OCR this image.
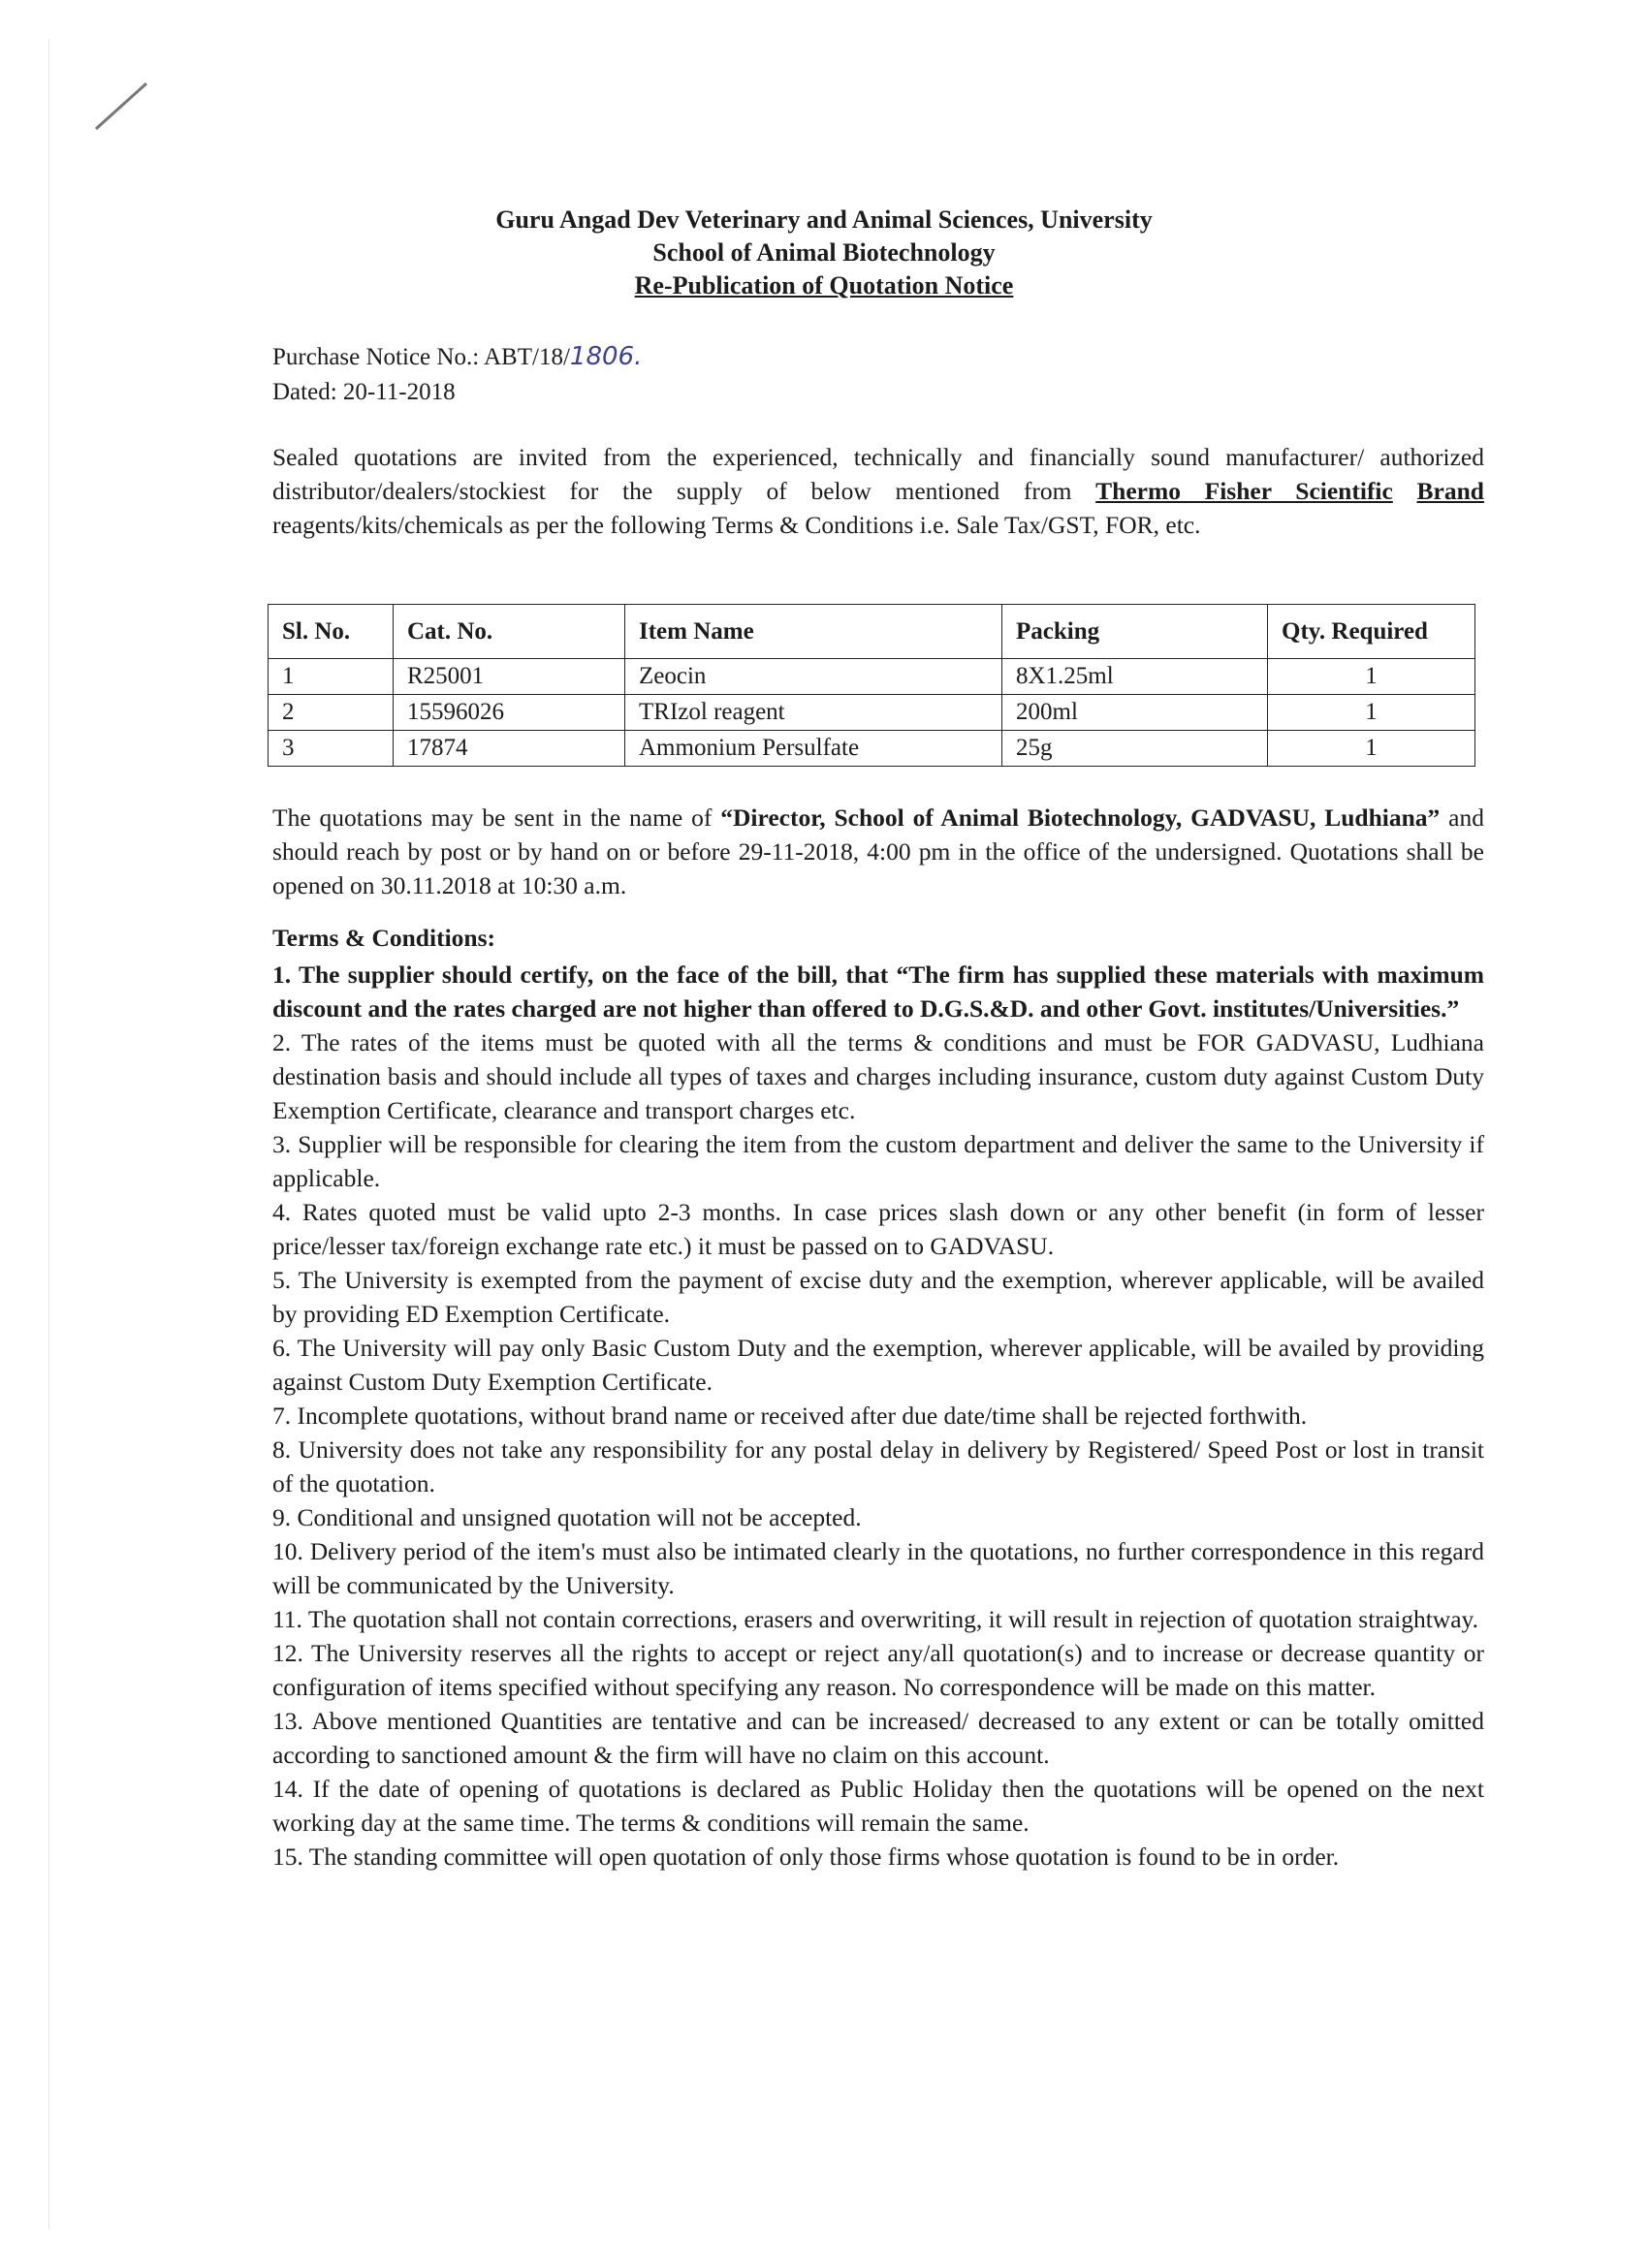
Guru Angad Dev Veterinary and Animal Sciences, University
School of Animal Biotechnology
Re-Publication of Quotation Notice
Purchase Notice No.: ABT/18/1806.
Dated: 20-11-2018
Sealed quotations are invited from the experienced, technically and financially sound manufacturer/ authorized distributor/dealers/stockiest for the supply of below mentioned from Thermo Fisher Scientific Brand reagents/kits/chemicals as per the following Terms & Conditions i.e. Sale Tax/GST, FOR, etc.
Sl. No.	Cat. No.	Item Name	Packing	Qty. Required
1	R25001	Zeocin	8X1.25ml	1
2	15596026	TRIzol reagent	200ml	1
3	17874	Ammonium Persulfate	25g	1
The quotations may be sent in the name of “Director, School of Animal Biotechnology, GADVASU, Ludhiana” and should reach by post or by hand on or before 29-11-2018, 4:00 pm in the office of the undersigned. Quotations shall be opened on 30.11.2018 at 10:30 a.m.
Terms & Conditions:
1. The supplier should certify, on the face of the bill, that “The firm has supplied these materials with maximum discount and the rates charged are not higher than offered to D.G.S.&D. and other Govt. institutes/Universities.”
2. The rates of the items must be quoted with all the terms & conditions and must be FOR GADVASU, Ludhiana destination basis and should include all types of taxes and charges including insurance, custom duty against Custom Duty Exemption Certificate, clearance and transport charges etc.
3. Supplier will be responsible for clearing the item from the custom department and deliver the same to the University if applicable.
4. Rates quoted must be valid upto 2-3 months. In case prices slash down or any other benefit (in form of lesser price/lesser tax/foreign exchange rate etc.) it must be passed on to GADVASU.
5. The University is exempted from the payment of excise duty and the exemption, wherever applicable, will be availed by providing ED Exemption Certificate.
6. The University will pay only Basic Custom Duty and the exemption, wherever applicable, will be availed by providing against Custom Duty Exemption Certificate.
7. Incomplete quotations, without brand name or received after due date/time shall be rejected forthwith.
8. University does not take any responsibility for any postal delay in delivery by Registered/ Speed Post or lost in transit of the quotation.
9. Conditional and unsigned quotation will not be accepted.
10. Delivery period of the item's must also be intimated clearly in the quotations, no further correspondence in this regard will be communicated by the University.
11. The quotation shall not contain corrections, erasers and overwriting, it will result in rejection of quotation straightway.
12. The University reserves all the rights to accept or reject any/all quotation(s) and to increase or decrease quantity or configuration of items specified without specifying any reason. No correspondence will be made on this matter.
13. Above mentioned Quantities are tentative and can be increased/ decreased to any extent or can be totally omitted according to sanctioned amount & the firm will have no claim on this account.
14. If the date of opening of quotations is declared as Public Holiday then the quotations will be opened on the next working day at the same time. The terms & conditions will remain the same.
15. The standing committee will open quotation of only those firms whose quotation is found to be in order.
